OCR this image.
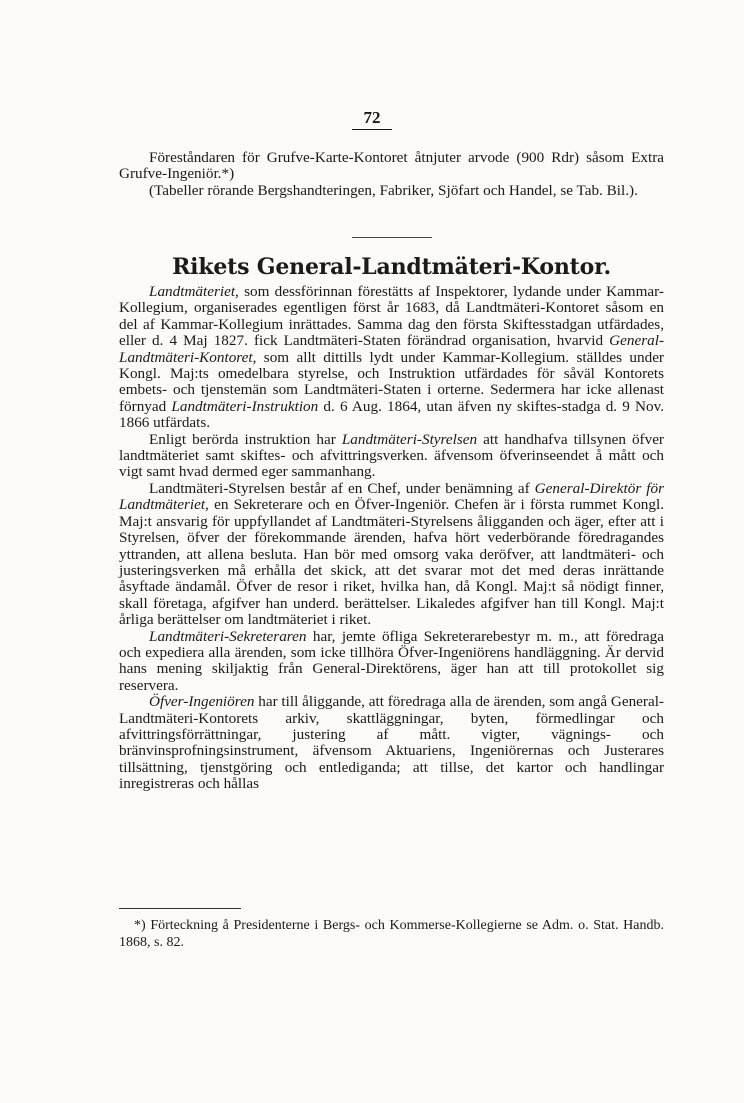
72

Föreståndaren för Grufve-Karte-Kontoret åtnjuter arvode (900 Rdr) såsom Extra Grufve-Ingeniör.*)

(Tabeller rörande Bergshandteringen, Fabriker, Sjöfart och Handel, se Tab. Bil.).

Rikets General-Landtmäteri-Kontor.

Landtmäteriet, som dessförinnan förestätts af Inspektorer, lydande under Kammar-Kollegium, organiserades egentligen först år 1683, då Landtmäteri-Kontoret såsom en del af Kammar-Kollegium inrättades. Samma dag den första Skiftesstadgan utfärdades, eller d. 4 Maj 1827. fick Landtmäteri-Staten förändrad organisation, hvarvid General-Landtmäteri-Kontoret, som allt dittills lydt under Kammar-Kollegium. ställdes under Kongl. Maj:ts omedelbara styrelse, och Instruktion utfärdades för såväl Kontorets embets- och tjenstemän som Landtmäteri-Staten i orterne. Sedermera har icke allenast förnyad Landtmäteri-Instruktion d. 6 Aug. 1864, utan äfven ny skiftes-stadga d. 9 Nov. 1866 utfärdats.

Enligt berörda instruktion har Landtmäteri-Styrelsen att handhafva tillsynen öfver landtmäteriet samt skiftes- och afvittringsverken. äfvensom öfverinseendet å mått och vigt samt hvad dermed eger sammanhang.

Landtmäteri-Styrelsen består af en Chef, under benämning af General-Direktör för Landtmäteriet, en Sekreterare och en Öfver-Ingeniör. Chefen är i första rummet Kongl. Maj:t ansvarig för uppfyllandet af Landtmäteri-Styrelsens åligganden och äger, efter att i Styrelsen, öfver der förekommande ärenden, hafva hört vederbörande föredragandes yttranden, att allena besluta. Han bör med omsorg vaka deröfver, att landtmäteri- och justeringsverken må erhålla det skick, att det svarar mot det med deras inrättande åsyftade ändamål. Öfver de resor i riket, hvilka han, då Kongl. Maj:t så nödigt finner, skall företaga, afgifver han underd. berättelser. Likaledes afgifver han till Kongl. Maj:t årliga berättelser om landtmäteriet i riket.

Landtmäteri-Sekreteraren har, jemte öfliga Sekreterarebestyr m. m., att föredraga och expediera alla ärenden, som icke tillhöra Öfver-Ingeniörens handläggning. Är dervid hans mening skiljaktig från General-Direktörens, äger han att till protokollet sig reservera.

Öfver-Ingeniören har till åliggande, att föredraga alla de ärenden, som angå General-Landtmäteri-Kontorets arkiv, skattläggningar, byten, förmedlingar och afvittringsförrättningar, justering af mått. vigter, vägnings- och bränvinsprofningsinstrument, äfvensom Aktuariens, Ingeniörernas och Justerares tillsättning, tjenstgöring och entlediganda; att tillse, det kartor och handlingar inregistreras och hållas

*) Förteckning å Presidenterne i Bergs- och Kommerse-Kollegierne se Adm. o. Stat. Handb. 1868, s. 82.
